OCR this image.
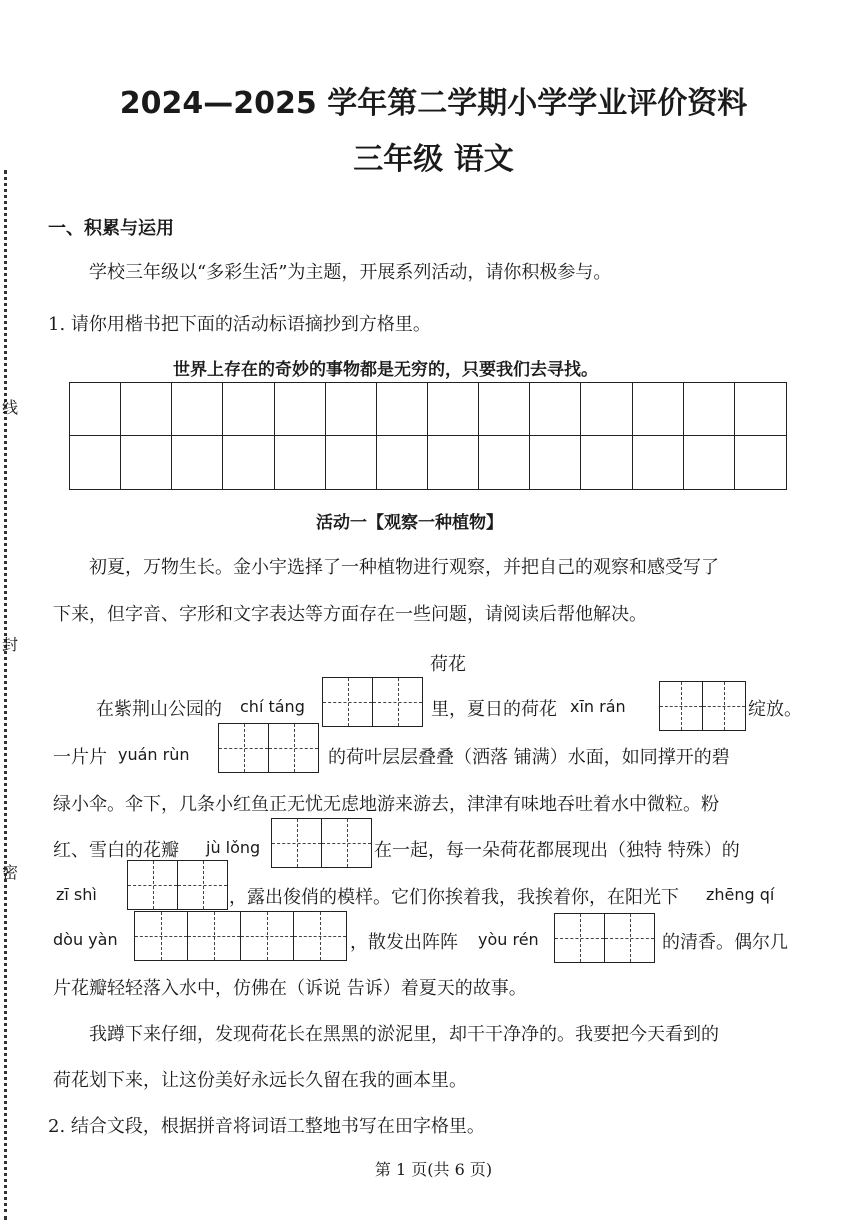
线
封
密
2024—2025 学年第二学期小学学业评价资料
三年级 语文
一、积累与运用
学校三年级以“多彩生活”为主题，开展系列活动，请你积极参与。
1. 请你用楷书把下面的活动标语摘抄到方格里。
世界上存在的奇妙的事物都是无穷的，只要我们去寻找。
活动一【观察一种植物】
初夏，万物生长。金小宇选择了一种植物进行观察，并把自己的观察和感受写了
下来，但字音、字形和文字表达等方面存在一些问题，请阅读后帮他解决。
荷花
在紫荆山公园的 chí táng	里，夏日的荷花 xīn rán	绽放。
一片片 yuán rùn	的荷叶层层叠叠（洒落 铺满）水面，如同撑开的碧
绿小伞。伞下，几条小红鱼正无忧无虑地游来游去，津津有味地吞吐着水中微粒。粉
红、雪白的花瓣 jù lǒng	在一起，每一朵荷花都展现出（独特 特殊）的
zī shì	，露出俊俏的模样。它们你挨着我，我挨着你，在阳光下 zhēng qí
dòu yàn	，散发出阵阵 yòu rén	的清香。偶尔几
片花瓣轻轻落入水中，仿佛在（诉说 告诉）着夏天的故事。
我蹲下来仔细，发现荷花长在黑黑的淤泥里，却干干净净的。我要把今天看到的
荷花划下来，让这份美好永远长久留在我的画本里。
2. 结合文段，根据拼音将词语工整地书写在田字格里。
第 1 页(共 6 页)
